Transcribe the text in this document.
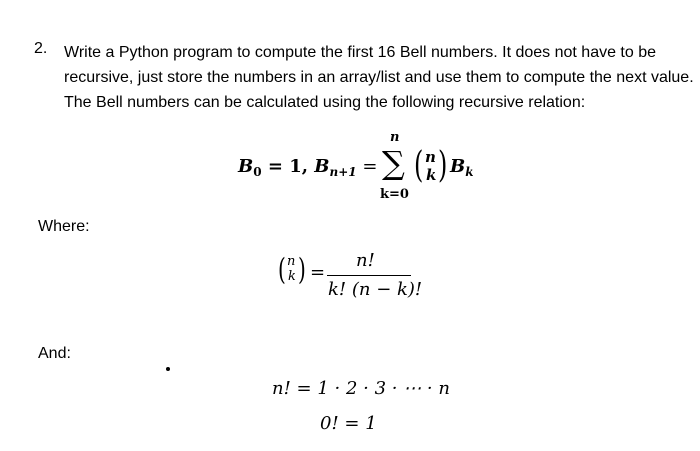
2. Write a Python program to compute the first 16 Bell numbers. It does not have to be recursive, just store the numbers in an array/list and use them to compute the next value. The Bell numbers can be calculated using the following recursive relation:
$B_0 = 1$, $B_{n+1}$ =
n
∑
k=0
( n
k ) $B_k$
Where:
( n
k ) =
n!
k! (n − k)!
And:
n! = 1 · 2 · 3 · ⋯ · n
0! = 1
